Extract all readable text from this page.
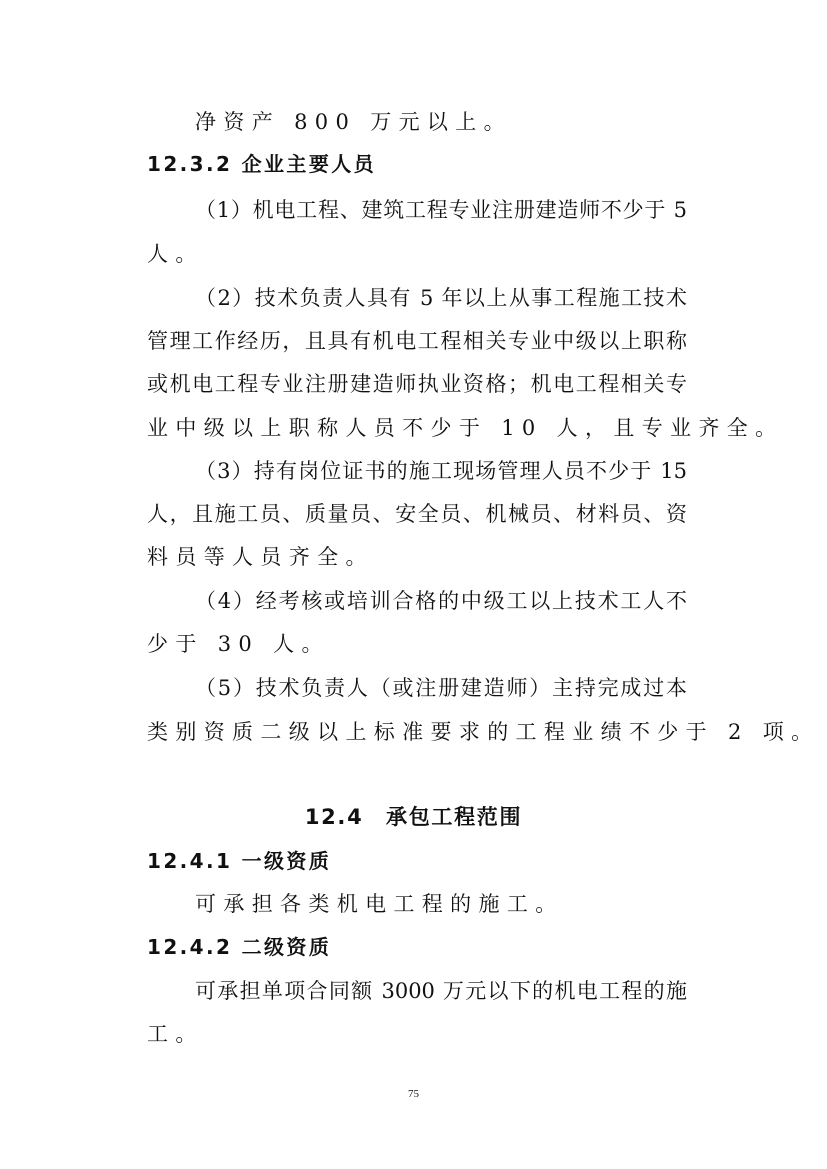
净资产 800 万元以上。
12.3.2 企业主要人员
（1）机电工程、建筑工程专业注册建造师不少于 5
人。
（2）技术负责人具有 5 年以上从事工程施工技术
管理工作经历，且具有机电工程相关专业中级以上职称
或机电工程专业注册建造师执业资格；机电工程相关专
业中级以上职称人员不少于 10 人，且专业齐全。
（3）持有岗位证书的施工现场管理人员不少于 15
人，且施工员、质量员、安全员、机械员、材料员、资
料员等人员齐全。
（4）经考核或培训合格的中级工以上技术工人不
少于 30 人。
（5）技术负责人（或注册建造师）主持完成过本
类别资质二级以上标准要求的工程业绩不少于 2 项。
12.4　承包工程范围
12.4.1 一级资质
可承担各类机电工程的施工。
12.4.2 二级资质
可承担单项合同额 3000 万元以下的机电工程的施
工。
75
